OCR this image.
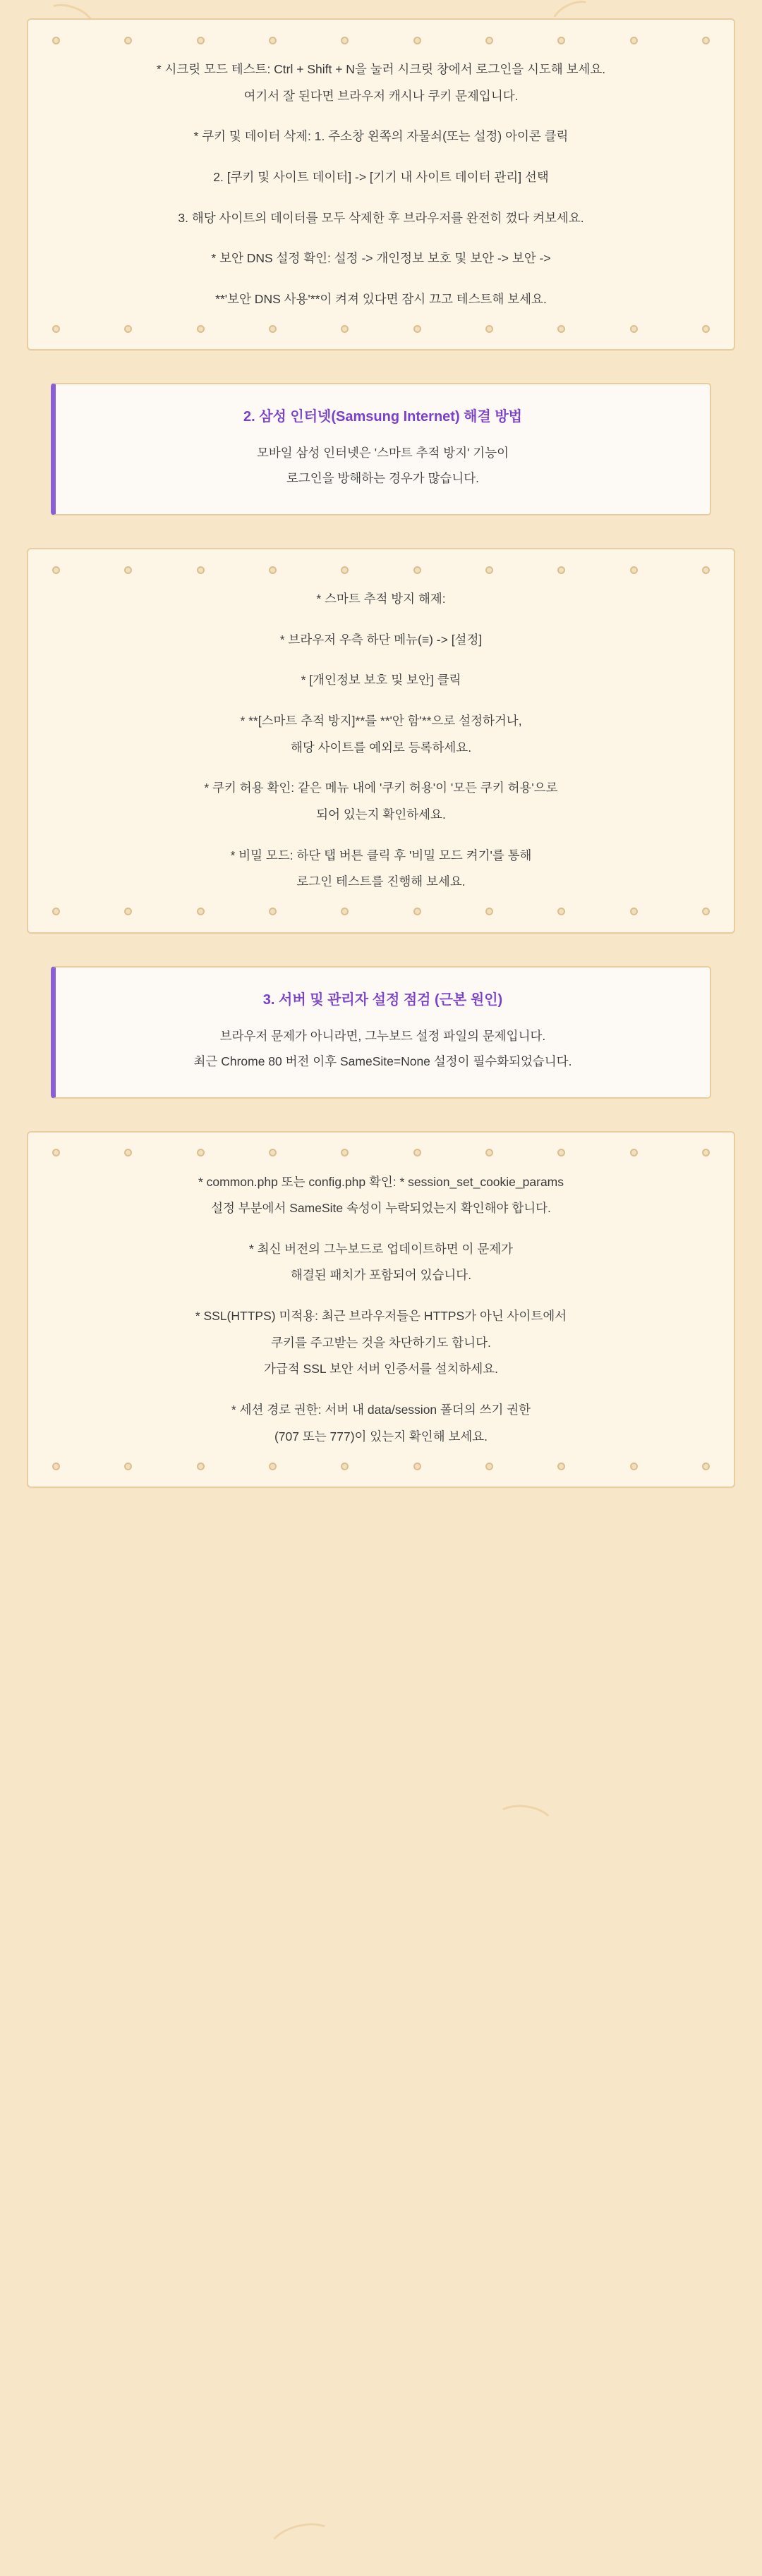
* 시크릿 모드 테스트: Ctrl + Shift + N을 눌러 시크릿 창에서 로그인을 시도해 보세요.
여기서 잘 된다면 브라우저 캐시나 쿠키 문제입니다.
* 쿠키 및 데이터 삭제: 1. 주소창 왼쪽의 자물쇠(또는 설정) 아이콘 클릭
2. [쿠키 및 사이트 데이터] -> [기기 내 사이트 데이터 관리] 선택
3. 해당 사이트의 데이터를 모두 삭제한 후 브라우저를 완전히 껐다 켜보세요.
* 보안 DNS 설정 확인: 설정 -> 개인정보 보호 및 보안 -> 보안 ->
**'보안 DNS 사용'**이 켜져 있다면 잠시 끄고 테스트해 보세요.
2. 삼성 인터넷(Samsung Internet) 해결 방법
모바일 삼성 인터넷은 '스마트 추적 방지' 기능이
로그인을 방해하는 경우가 많습니다.
* 스마트 추적 방지 해제:
* 브라우저 우측 하단 메뉴(≡) -> [설정]
* [개인정보 보호 및 보안] 클릭
* **[스마트 추적 방지]**를 **'안 함'**으로 설정하거나,
해당 사이트를 예외로 등록하세요.
* 쿠키 허용 확인: 같은 메뉴 내에 '쿠키 허용'이 '모든 쿠키 허용'으로
되어 있는지 확인하세요.
* 비밀 모드: 하단 탭 버튼 클릭 후 '비밀 모드 켜기'를 통해
로그인 테스트를 진행해 보세요.
3. 서버 및 관리자 설정 점검 (근본 원인)
브라우저 문제가 아니라면, 그누보드 설정 파일의 문제입니다.
최근 Chrome 80 버전 이후 SameSite=None 설정이 필수화되었습니다.
* common.php 또는 config.php 확인: * session_set_cookie_params
설정 부분에서 SameSite 속성이 누락되었는지 확인해야 합니다.
* 최신 버전의 그누보드로 업데이트하면 이 문제가
해결된 패치가 포함되어 있습니다.
* SSL(HTTPS) 미적용: 최근 브라우저들은 HTTPS가 아닌 사이트에서
쿠키를 주고받는 것을 차단하기도 합니다.
가급적 SSL 보안 서버 인증서를 설치하세요.
* 세션 경로 권한: 서버 내 data/session 폴더의 쓰기 권한
(707 또는 777)이 있는지 확인해 보세요.
